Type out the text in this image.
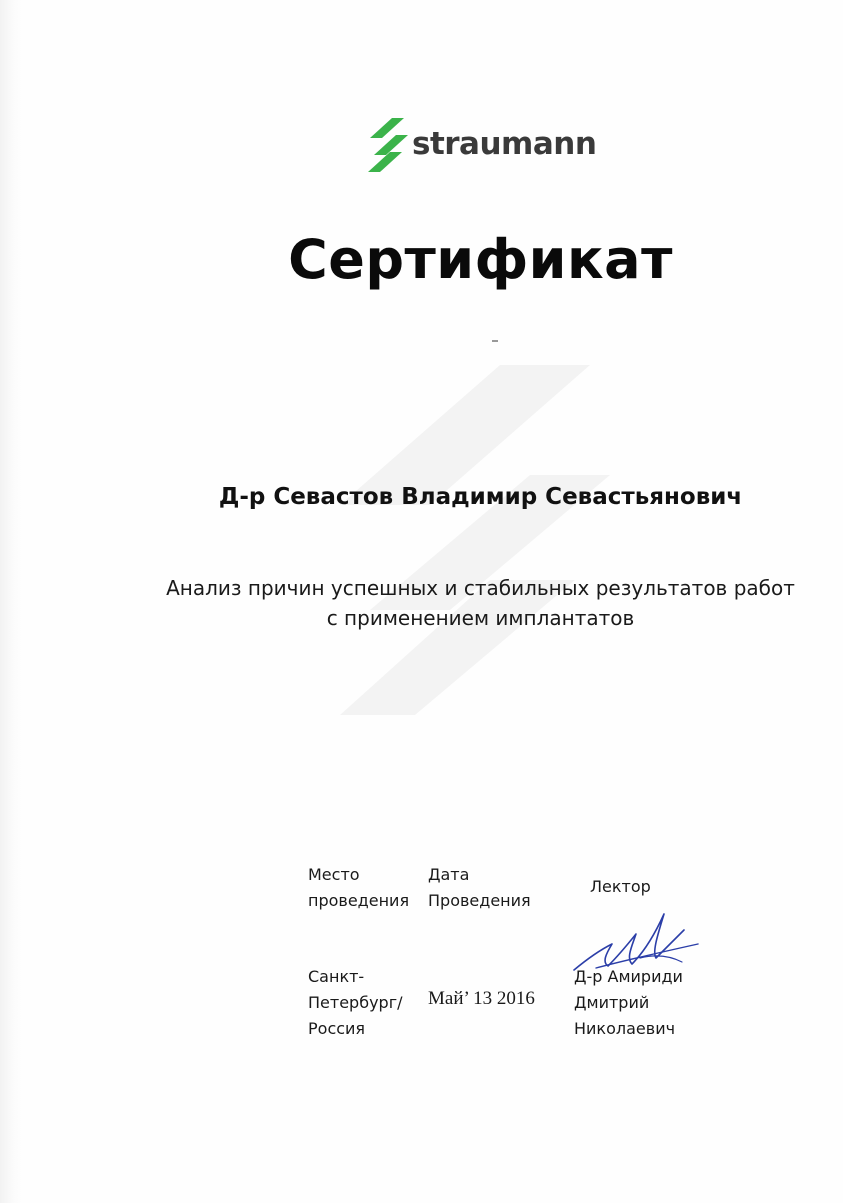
straumann
Сертификат
Д-р Севастов Владимир Севастьянович
Анализ причин успешных и стабильных результатов работ
с применением имплантатов
Место
проведения
Дата
Проведения
Лектор
Санкт-
Петербург/
Россия
Май’ 13 2016
Д-р Амириди
Дмитрий
Николаевич
